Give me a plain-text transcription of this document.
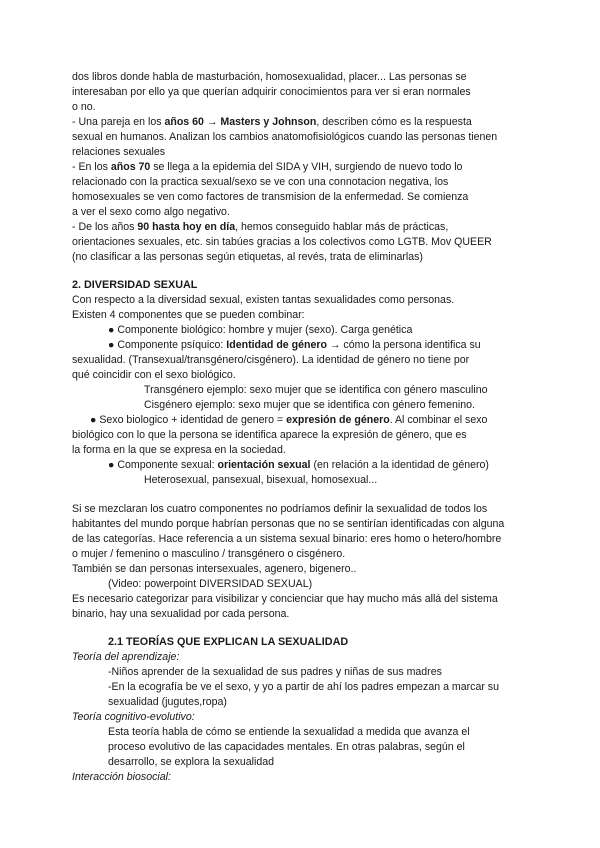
dos libros donde habla de masturbación, homosexualidad, placer... Las personas se
interesaban por ello ya que querían adquirir conocimientos para ver si eran normales
o no.
- Una pareja en los años 60 → Masters y Johnson, describen cómo es la respuesta
sexual en humanos. Analizan los cambios anatomofisiológicos cuando las personas tienen
relaciones sexuales
- En los años 70 se llega a la epidemia del SIDA y VIH, surgiendo de nuevo todo lo
relacionado con la practica sexual/sexo se ve con una connotacion negativa, los
homosexuales se ven como factores de transmision de la enfermedad. Se comienza
a ver el sexo como algo negativo.
- De los años 90 hasta hoy en día, hemos conseguido hablar más de prácticas,
orientaciones sexuales, etc. sin tabúes gracias a los colectivos como LGTB. Mov QUEER
(no clasificar a las personas según etiquetas, al revés, trata de eliminarlas)
2. DIVERSIDAD SEXUAL
Con respecto a la diversidad sexual, existen tantas sexualidades como personas.
Existen 4 componentes que se pueden combinar:
● Componente biológico: hombre y mujer (sexo). Carga genética
● Componente psíquico: Identidad de género → cómo la persona identifica su
sexualidad. (Transexual/transgénero/cisgénero). La identidad de género no tiene por
qué coincidir con el sexo biológico.
Transgénero ejemplo: sexo mujer que se identifica con género masculino
Cisgénero ejemplo: sexo mujer que se identifica con género femenino.
● Sexo biologico + identidad de genero = expresión de género. Al combinar el sexo
biológico con lo que la persona se identifica aparece la expresión de género, que es
la forma en la que se expresa en la sociedad.
● Componente sexual: orientación sexual (en relación a la identidad de género)
Heterosexual, pansexual, bisexual, homosexual...
Si se mezclaran los cuatro componentes no podríamos definir la sexualidad de todos los
habitantes del mundo porque habrían personas que no se sentirían identificadas con alguna
de las categorías. Hace referencia a un sistema sexual binario: eres homo o hetero/hombre
o mujer / femenino o masculino / transgénero o cisgénero.
También se dan personas intersexuales, agenero, bigenero..
(Video: powerpoint DIVERSIDAD SEXUAL)
Es necesario categorizar para visibilizar y concienciar que hay mucho más allá del sistema
binario, hay una sexualidad por cada persona.
2.1 TEORÍAS QUE EXPLICAN LA SEXUALIDAD
Teoría del aprendizaje:
-Niños aprender de la sexualidad de sus padres y niñas de sus madres
-En la ecografía be ve el sexo, y yo a partir de ahí los padres empezan a marcar su
sexualidad (jugutes,ropa)
Teoría cognitivo-evolutivo:
Esta teoría habla de cómo se entiende la sexualidad a medida que avanza el
proceso evolutivo de las capacidades mentales. En otras palabras, según el
desarrollo, se explora la sexualidad
Interacción biosocial:
